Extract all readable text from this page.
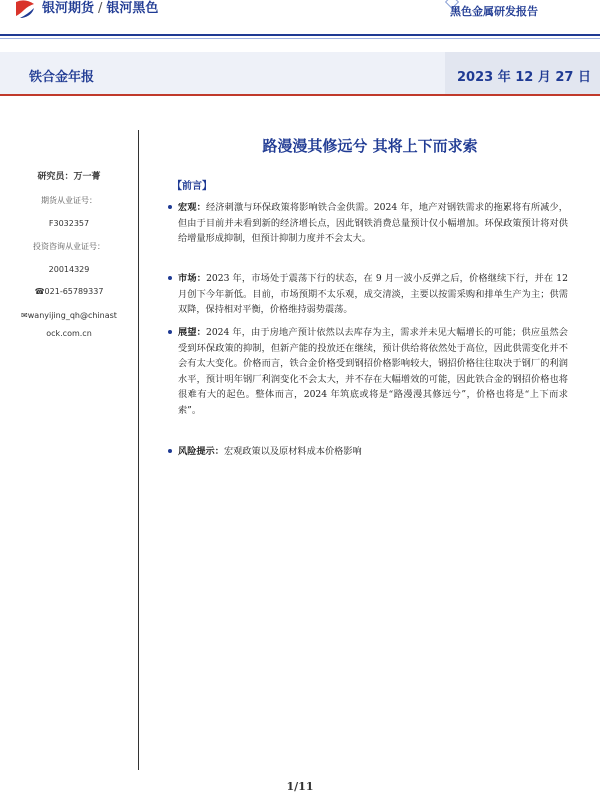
银河期货 / 银河黑色	黑色金属研发报告
铁合金年报	2023 年 12 月 27 日
研究员：万一菁
期货从业证号：
F3032357
投资咨询从业证号：
20014329
☎021-65789337
✉wanyijing_qh@chinast
ock.com.cn
路漫漫其修远兮 其将上下而求索
【前言】
宏观：经济刺激与环保政策将影响铁合金供需。2024 年，地产对钢铁需求的拖累将有所减少，但由于目前并未看到新的经济增长点，因此钢铁消费总量预计仅小幅增加。环保政策预计将对供给增量形成抑制，但预计抑制力度并不会太大。
市场：2023 年，市场处于震荡下行的状态，在 9 月一波小反弹之后，价格继续下行，并在 12 月创下今年新低。目前，市场预期不太乐观，成交清淡，主要以按需采购和排单生产为主；供需双降，保持相对平衡，价格维持弱势震荡。
展望：2024 年，由于房地产预计依然以去库存为主，需求并未见大幅增长的可能；供应虽然会受到环保政策的抑制，但新产能的投放还在继续，预计供给将依然处于高位，因此供需变化并不会有太大变化。价格而言，铁合金价格受到钢招价格影响较大，钢招价格往往取决于钢厂的利润水平，预计明年钢厂利润变化不会太大，并不存在大幅增效的可能，因此铁合金的钢招价格也将很难有大的起色。整体而言，2024 年筑底或将是“路漫漫其修远兮”，价格也将是“上下而求索”。
风险提示：宏观政策以及原材料成本价格影响
1/11
